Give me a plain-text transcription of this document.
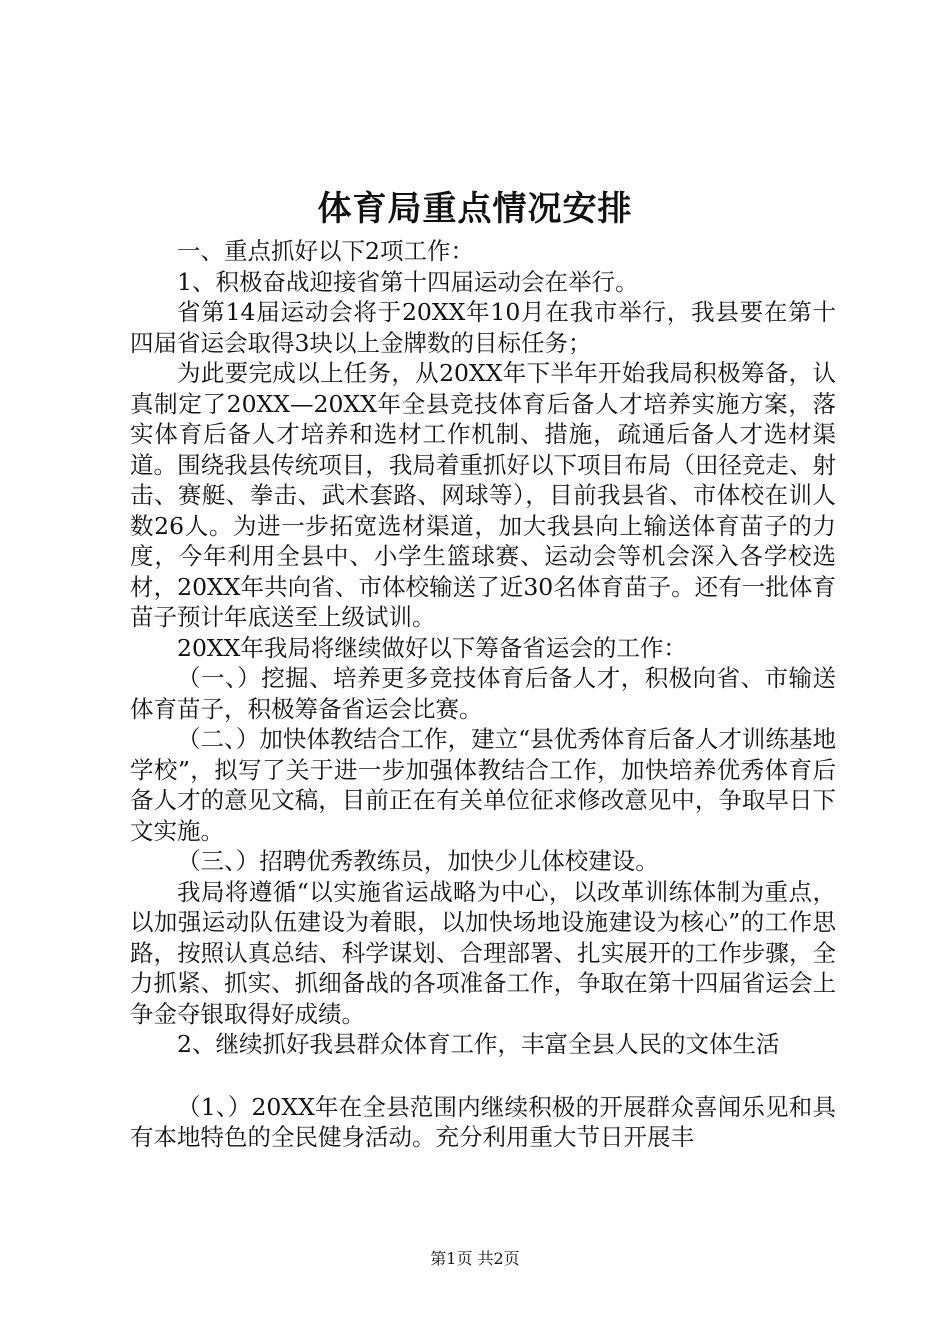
体育局重点情况安排

一、重点抓好以下2项工作：

1、积极奋战迎接省第十四届运动会在举行。

省第14届运动会将于20XX年10月在我市举行，我县要在第十四届省运会取得3块以上金牌数的目标任务；

为此要完成以上任务，从20XX年下半年开始我局积极筹备，认真制定了20XX—20XX年全县竞技体育后备人才培养实施方案，落实体育后备人才培养和选材工作机制、措施，疏通后备人才选材渠道。围绕我县传统项目，我局着重抓好以下项目布局（田径竞走、射击、赛艇、拳击、武术套路、网球等），目前我县省、市体校在训人数26人。为进一步拓宽选材渠道，加大我县向上输送体育苗子的力度，今年利用全县中、小学生篮球赛、运动会等机会深入各学校选材，20XX年共向省、市体校输送了近30名体育苗子。还有一批体育苗子预计年底送至上级试训。

20XX年我局将继续做好以下筹备省运会的工作：

（一、）挖掘、培养更多竞技体育后备人才，积极向省、市输送体育苗子，积极筹备省运会比赛。

（二、）加快体教结合工作，建立“县优秀体育后备人才训练基地学校”，拟写了关于进一步加强体教结合工作，加快培养优秀体育后备人才的意见文稿，目前正在有关单位征求修改意见中，争取早日下文实施。

（三、）招聘优秀教练员，加快少儿体校建设。

我局将遵循“以实施省运战略为中心，以改革训练体制为重点，以加强运动队伍建设为着眼，以加快场地设施建设为核心”的工作思路，按照认真总结、科学谋划、合理部署、扎实展开的工作步骤，全力抓紧、抓实、抓细备战的各项准备工作，争取在第十四届省运会上争金夺银取得好成绩。

2、继续抓好我县群众体育工作，丰富全县人民的文体生活

（1、）20XX年在全县范围内继续积极的开展群众喜闻乐见和具有本地特色的全民健身活动。充分利用重大节日开展丰

第1页 共2页
